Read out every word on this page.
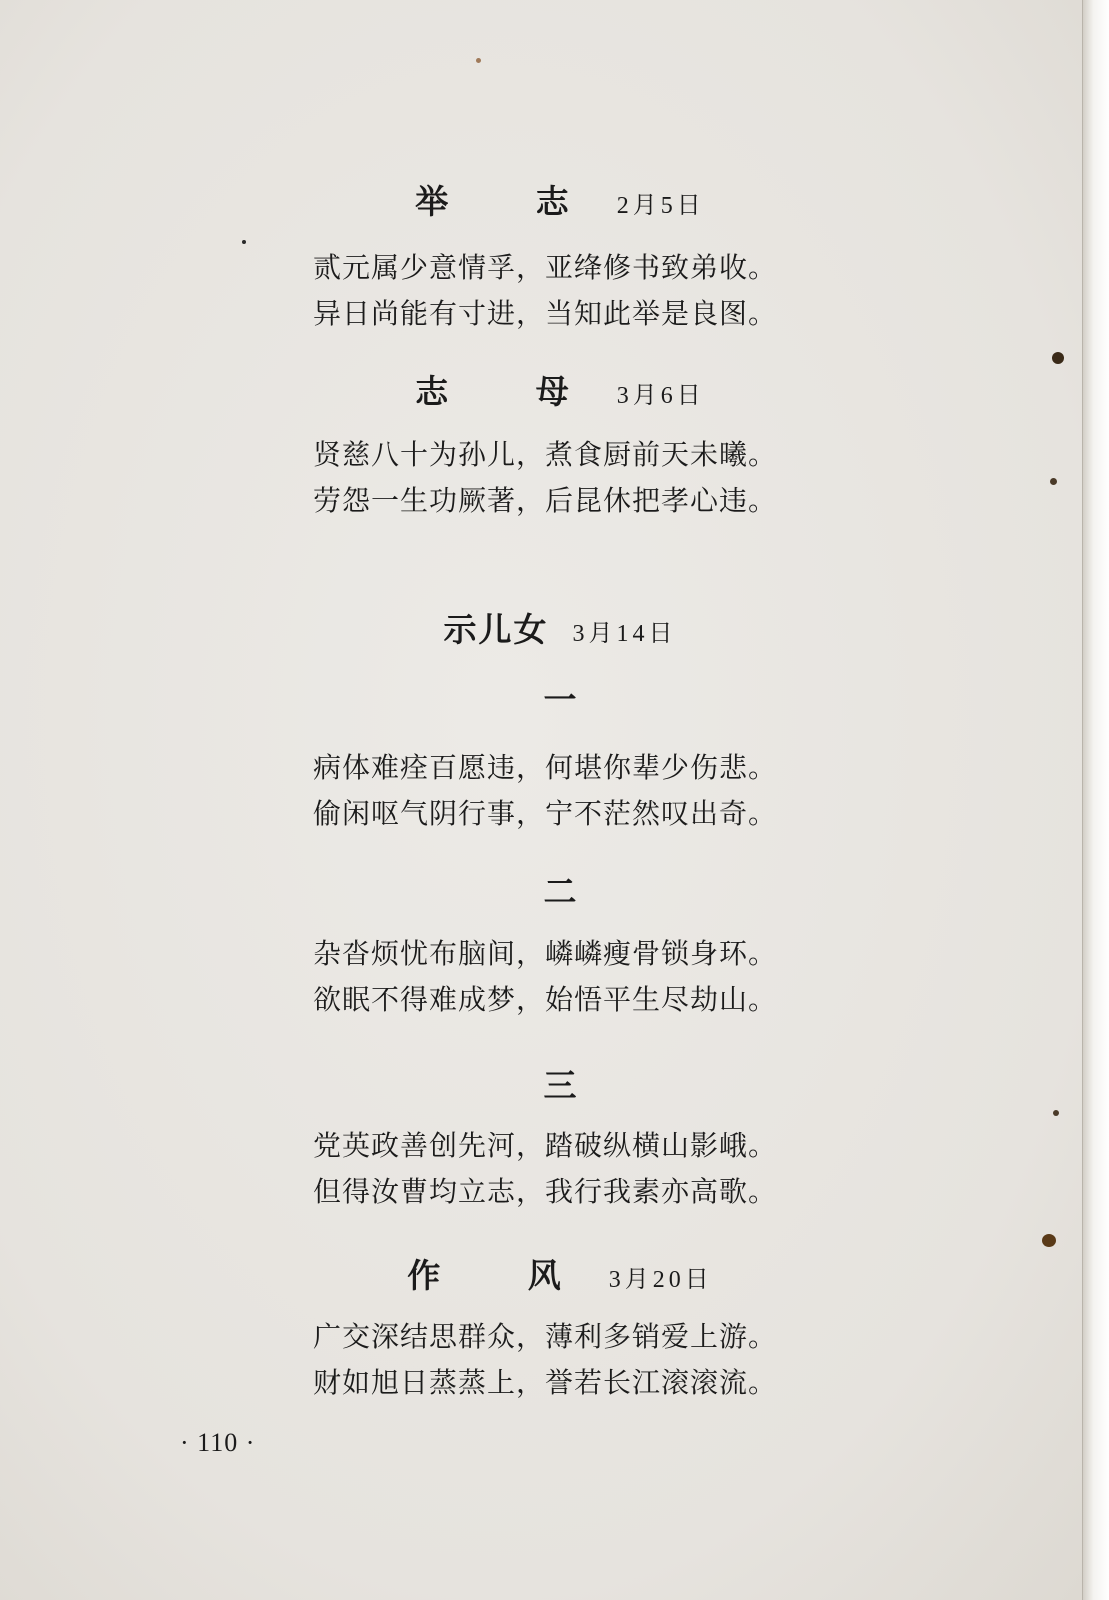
举 志 2月5日
贰元属少意情孚，亚绛修书致弟收。
异日尚能有寸进，当知此举是良图。
志 母 3月6日
贤慈八十为孙儿，煮食厨前天未曦。
劳怨一生功厥著，后昆休把孝心违。
示儿女 3月14日
一
病体难痊百愿违，何堪你辈少伤悲。
偷闲呕气阴行事，宁不茫然叹出奇。
二
杂沓烦忧布脑间，嶙嶙瘦骨锁身环。
欲眠不得难成梦，始悟平生尽劫山。
三
党英政善创先河，踏破纵横山影峨。
但得汝曹均立志，我行我素亦高歌。
作 风 3月20日
广交深结思群众，薄利多销爱上游。
财如旭日蒸蒸上，誉若长江滚滚流。
· 110 ·
